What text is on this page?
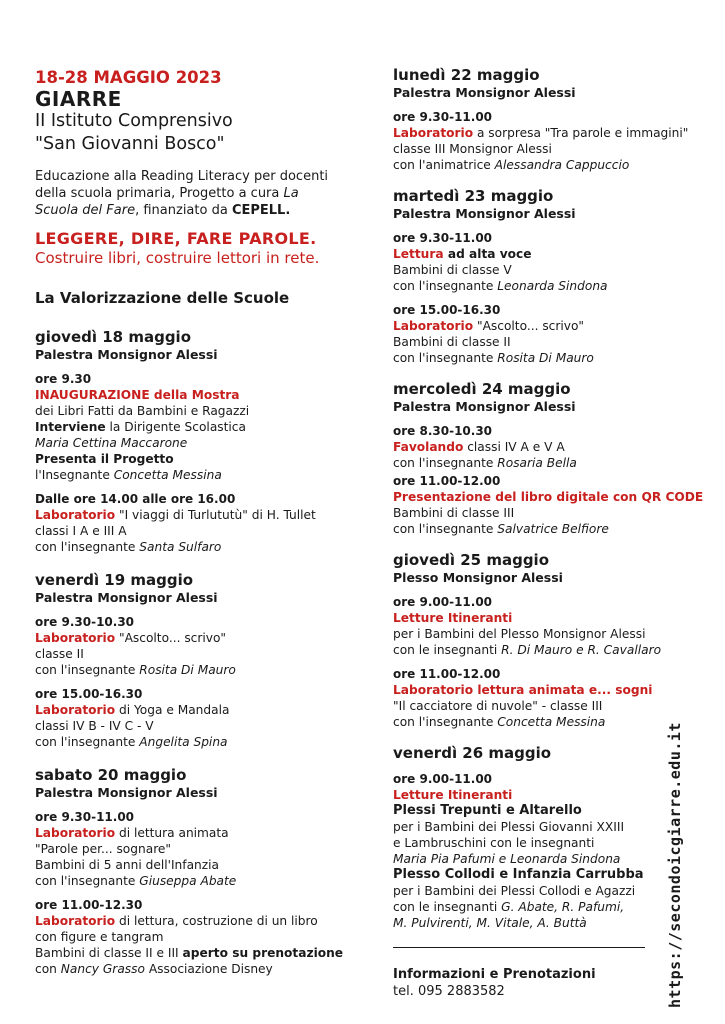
18-28 MAGGIO 2023

GIARRE

II Istituto Comprensivo

"San Giovanni Bosco"

Educazione alla Reading Literacy per docenti

della scuola primaria, Progetto a cura La

Scuola del Fare, finanziato da CEPELL.

LEGGERE, DIRE, FARE PAROLE.

Costruire libri, costruire lettori in rete.

La Valorizzazione delle Scuole

giovedì 18 maggio

Palestra Monsignor Alessi

ore 9.30

INAUGURAZIONE della Mostra

dei Libri Fatti da Bambini e Ragazzi

Interviene la Dirigente Scolastica

Maria Cettina Maccarone

Presenta il Progetto

l'Insegnante Concetta Messina

Dalle ore 14.00 alle ore 16.00

Laboratorio "I viaggi di Turlututù" di H. Tullet

classi I A e III A

con l'insegnante Santa Sulfaro

venerdì 19 maggio

Palestra Monsignor Alessi

ore 9.30-10.30

Laboratorio "Ascolto... scrivo"

classe II

con l'insegnante Rosita Di Mauro

ore 15.00-16.30

Laboratorio di Yoga e Mandala

classi IV B - IV C - V

con l'insegnante Angelita Spina

sabato 20 maggio

Palestra Monsignor Alessi

ore 9.30-11.00

Laboratorio di lettura animata

"Parole per... sognare"

Bambini di 5 anni dell'Infanzia

con l'insegnante Giuseppa Abate

ore 11.00-12.30

Laboratorio di lettura, costruzione di un libro

con figure e tangram

Bambini di classe II e III aperto su prenotazione

con Nancy Grasso Associazione Disney

lunedì 22 maggio

Palestra Monsignor Alessi

ore 9.30-11.00

Laboratorio a sorpresa "Tra parole e immagini"

classe III Monsignor Alessi

con l'animatrice Alessandra Cappuccio

martedì 23 maggio

Palestra Monsignor Alessi

ore 9.30-11.00

Lettura ad alta voce

Bambini di classe V

con l'insegnante Leonarda Sindona

ore 15.00-16.30

Laboratorio "Ascolto... scrivo"

Bambini di classe II

con l'insegnante Rosita Di Mauro

mercoledì 24 maggio

Palestra Monsignor Alessi

ore 8.30-10.30

Favolando classi IV A e V A

con l'insegnante Rosaria Bella

ore 11.00-12.00

Presentazione del libro digitale con QR CODE

Bambini di classe III

con l'insegnante Salvatrice Belfiore

giovedì 25 maggio

Plesso Monsignor Alessi

ore 9.00-11.00

Letture Itineranti

per i Bambini del Plesso Monsignor Alessi

con le insegnanti R. Di Mauro e R. Cavallaro

ore 11.00-12.00

Laboratorio lettura animata e... sogni

"Il cacciatore di nuvole" - classe III

con l'insegnante Concetta Messina

venerdì 26 maggio

ore 9.00-11.00

Letture Itineranti

Plessi Trepunti e Altarello

per i Bambini dei Plessi Giovanni XXIII

e Lambruschini con le insegnanti

Maria Pia Pafumi e Leonarda Sindona

Plesso Collodi e Infanzia Carrubba

per i Bambini dei Plessi Collodi e Agazzi

con le insegnanti G. Abate, R. Pafumi,

M. Pulvirenti, M. Vitale, A. Buttà

Informazioni e Prenotazioni

tel. 095 2883582	https://secondoicgiarre.edu.it
